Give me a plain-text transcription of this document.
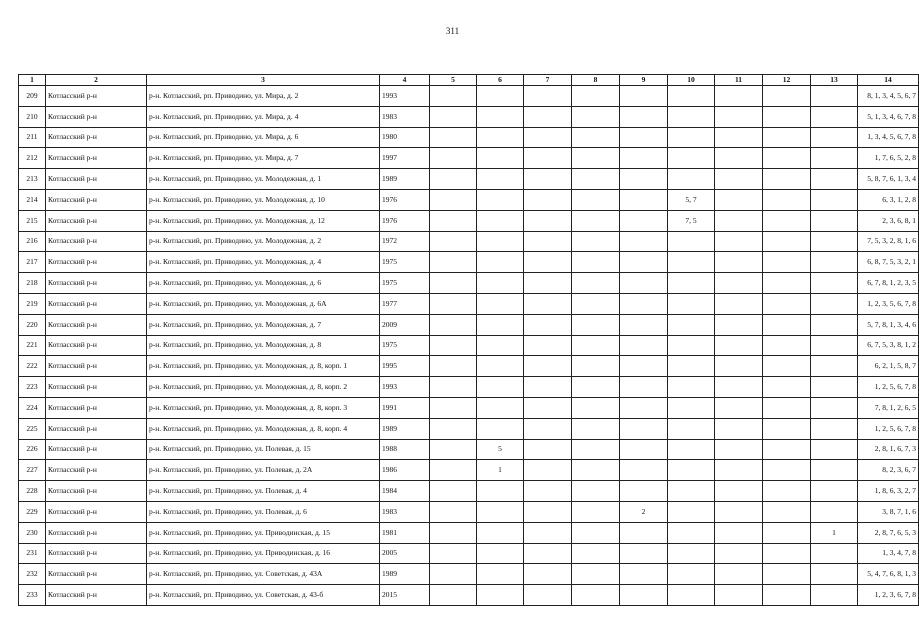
311
1	2	3	4	5	6	7	8	9	10	11	12	13	14
209	Котласский р-н	р-н. Котласский, рп. Приводино, ул. Мира, д. 2	1993										8, 1, 3, 4, 5, 6, 7
210	Котласский р-н	р-н. Котласский, рп. Приводино, ул. Мира, д. 4	1983										5, 1, 3, 4, 6, 7, 8
211	Котласский р-н	р-н. Котласский, рп. Приводино, ул. Мира, д. 6	1980										1, 3, 4, 5, 6, 7, 8
212	Котласский р-н	р-н. Котласский, рп. Приводино, ул. Мира, д. 7	1997										1, 7, 6, 5, 2, 8
213	Котласский р-н	р-н. Котласский, рп. Приводино, ул. Молодежная, д. 1	1989										5, 8, 7, 6, 1, 3, 4
214	Котласский р-н	р-н. Котласский, рп. Приводино, ул. Молодежная, д. 10	1976						5, 7				6, 3, 1, 2, 8
215	Котласский р-н	р-н. Котласский, рп. Приводино, ул. Молодежная, д. 12	1976						7, 5				2, 3, 6, 8, 1
216	Котласский р-н	р-н. Котласский, рп. Приводино, ул. Молодежная, д. 2	1972										7, 5, 3, 2, 8, 1, 6
217	Котласский р-н	р-н. Котласский, рп. Приводино, ул. Молодежная, д. 4	1975										6, 8, 7, 5, 3, 2, 1
218	Котласский р-н	р-н. Котласский, рп. Приводино, ул. Молодежная, д. 6	1975										6, 7, 8, 1, 2, 3, 5
219	Котласский р-н	р-н. Котласский, рп. Приводино, ул. Молодежная, д. 6А	1977										1, 2, 3, 5, 6, 7, 8
220	Котласский р-н	р-н. Котласский, рп. Приводино, ул. Молодежная, д. 7	2009										5, 7, 8, 1, 3, 4, 6
221	Котласский р-н	р-н. Котласский, рп. Приводино, ул. Молодежная, д. 8	1975										6, 7, 5, 3, 8, 1, 2
222	Котласский р-н	р-н. Котласский, рп. Приводино, ул. Молодежная, д. 8, корп. 1	1995										6, 2, 1, 5, 8, 7
223	Котласский р-н	р-н. Котласский, рп. Приводино, ул. Молодежная, д. 8, корп. 2	1993										1, 2, 5, 6, 7, 8
224	Котласский р-н	р-н. Котласский, рп. Приводино, ул. Молодежная, д. 8, корп. 3	1991										7, 8, 1, 2, 6, 5
225	Котласский р-н	р-н. Котласский, рп. Приводино, ул. Молодежная, д. 8, корп. 4	1989										1, 2, 5, 6, 7, 8
226	Котласский р-н	р-н. Котласский, рп. Приводино, ул. Полевая, д. 15	1988		5								2, 8, 1, 6, 7, 3
227	Котласский р-н	р-н. Котласский, рп. Приводино, ул. Полевая, д. 2А	1986		1								8, 2, 3, 6, 7
228	Котласский р-н	р-н. Котласский, рп. Приводино, ул. Полевая, д. 4	1984										1, 8, 6, 3, 2, 7
229	Котласский р-н	р-н. Котласский, рп. Приводино, ул. Полевая, д. 6	1983					2					3, 8, 7, 1, 6
230	Котласский р-н	р-н. Котласский, рп. Приводино, ул. Приводинская, д. 15	1981									1	2, 8, 7, 6, 5, 3
231	Котласский р-н	р-н. Котласский, рп. Приводино, ул. Приводинская, д. 16	2005										1, 3, 4, 7, 8
232	Котласский р-н	р-н. Котласский, рп. Приводино, ул. Советская, д. 43А	1989										5, 4, 7, 6, 8, 1, 3
233	Котласский р-н	р-н. Котласский, рп. Приводино, ул. Советская, д. 43-б	2015										1, 2, 3, 6, 7, 8
